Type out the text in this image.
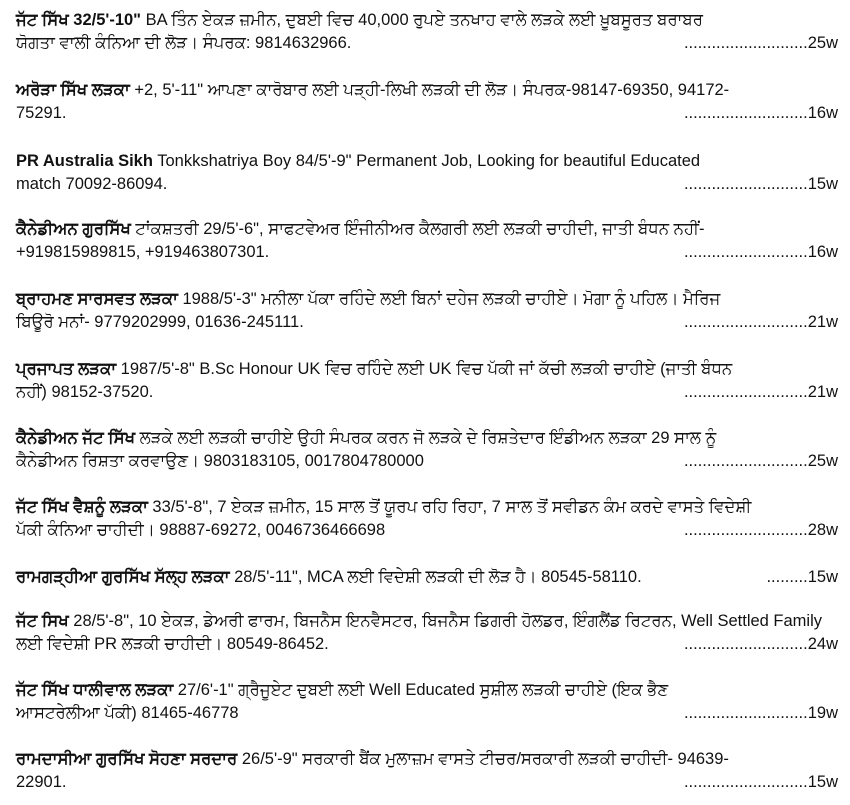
ਜੱਟ ਸਿੱਖ 32/5'-10" BA ਤਿੰਨ ਏਕੜ ਜ਼ਮੀਨ, ਦੁਬਈ ਵਿਚ 40,000 ਰੁਪਏ ਤਨਖਾਹ ਵਾਲੇ ਲੜਕੇ ਲਈ ਖ਼ੂਬਸੂਰਤ ਬਰਾਬਰ
ਯੋਗਤਾ ਵਾਲੀ ਕੰਨਿਆ ਦੀ ਲੋੜ। ਸੰਪਰਕ: 9814632966.	...........................25w
ਅਰੋੜਾ ਸਿੱਖ ਲੜਕਾ +2, 5'-11" ਆਪਣਾ ਕਾਰੋਬਾਰ ਲਈ ਪੜ੍ਹੀ-ਲਿਖੀ ਲੜਕੀ ਦੀ ਲੋੜ। ਸੰਪਰਕ-98147-69350, 94172-
75291.	...........................16w
PR Australia Sikh Tonkkshatriya Boy 84/5'-9" Permanent Job, Looking for beautiful Educated
match 70092-86094.	...........................15w
ਕੈਨੇਡੀਅਨ ਗੁਰਸਿੱਖ ਟਾਂਕਸ਼ਤਰੀ 29/5'-6", ਸਾਫਟਵੇਅਰ ਇੰਜੀਨੀਅਰ ਕੈਲਗਰੀ ਲਈ ਲੜਕੀ ਚਾਹੀਦੀ, ਜਾਤੀ ਬੰਧਨ ਨਹੀਂ-
+919815989815, +919463807301.	...........................16w
ਬ੍ਰਾਹਮਣ ਸਾਰਸਵਤ ਲੜਕਾ 1988/5'-3" ਮਨੀਲਾ ਪੱਕਾ ਰਹਿੰਦੇ ਲਈ ਬਿਨਾਂ ਦਹੇਜ ਲੜਕੀ ਚਾਹੀਏ। ਮੋਗਾ ਨੂੰ ਪਹਿਲ। ਮੈਰਿਜ
ਬਿਊਰੋ ਮਨਾਂ- 9779202999, 01636-245111.	...........................21w
ਪ੍ਰਜਾਪਤ ਲੜਕਾ 1987/5'-8" B.Sc Honour UK ਵਿਚ ਰਹਿੰਦੇ ਲਈ UK ਵਿਚ ਪੱਕੀ ਜਾਂ ਕੱਚੀ ਲੜਕੀ ਚਾਹੀਏ (ਜਾਤੀ ਬੰਧਨ
ਨਹੀਂ) 98152-37520.	...........................21w
ਕੈਨੇਡੀਅਨ ਜੱਟ ਸਿੱਖ ਲੜਕੇ ਲਈ ਲੜਕੀ ਚਾਹੀਏ ਉਹੀ ਸੰਪਰਕ ਕਰਨ ਜੋ ਲੜਕੇ ਦੇ ਰਿਸ਼ਤੇਦਾਰ ਇੰਡੀਅਨ ਲੜਕਾ 29 ਸਾਲ ਨੂੰ
ਕੈਨੇਡੀਅਨ ਰਿਸ਼ਤਾ ਕਰਵਾਉਣ। 9803183105, 0017804780000	...........................25w
ਜੱਟ ਸਿੱਖ ਵੈਸ਼ਨੂੰ ਲੜਕਾ 33/5'-8", 7 ਏਕੜ ਜ਼ਮੀਨ, 15 ਸਾਲ ਤੋਂ ਯੂਰਪ ਰਹਿ ਰਿਹਾ, 7 ਸਾਲ ਤੋਂ ਸਵੀਡਨ ਕੰਮ ਕਰਦੇ ਵਾਸਤੇ ਵਿਦੇਸ਼ੀ
ਪੱਕੀ ਕੰਨਿਆ ਚਾਹੀਦੀ। 98887-69272, 0046736466698	...........................28w
ਰਾਮਗੜ੍ਹੀਆ ਗੁਰਸਿੱਖ ਸੱਲ੍ਹ ਲੜਕਾ 28/5'-11", MCA ਲਈ ਵਿਦੇਸ਼ੀ ਲੜਕੀ ਦੀ ਲੋੜ ਹੈ। 80545-58110.	.........15w
ਜੱਟ ਸਿਖ 28/5'-8", 10 ਏਕੜ, ਡੇਅਰੀ ਫਾਰਮ, ਬਿਜਨੈਸ ਇਨਵੈਸਟਰ, ਬਿਜਨੈਸ ਡਿਗਰੀ ਹੋਲਡਰ, ਇੰਗਲੈਂਡ ਰਿਟਰਨ, Well Settled Family
ਲਈ ਵਿਦੇਸ਼ੀ PR ਲੜਕੀ ਚਾਹੀਦੀ। 80549-86452.	...........................24w
ਜੱਟ ਸਿੱਖ ਧਾਲੀਵਾਲ ਲੜਕਾ 27/6'-1" ਗ੍ਰੈਜੂਏਟ ਦੁਬਈ ਲਈ Well Educated ਸੁਸ਼ੀਲ ਲੜਕੀ ਚਾਹੀਏ (ਇਕ ਭੈਣ
ਆਸਟਰੇਲੀਆ ਪੱਕੀ) 81465-46778	...........................19w
ਰਾਮਦਾਸੀਆ ਗੁਰਸਿੱਖ ਸੋਹਣਾ ਸਰਦਾਰ 26/5'-9" ਸਰਕਾਰੀ ਬੈਂਕ ਮੁਲਾਜ਼ਮ ਵਾਸਤੇ ਟੀਚਰ/ਸਰਕਾਰੀ ਲੜਕੀ ਚਾਹੀਦੀ- 94639-
22901.	...........................15w
